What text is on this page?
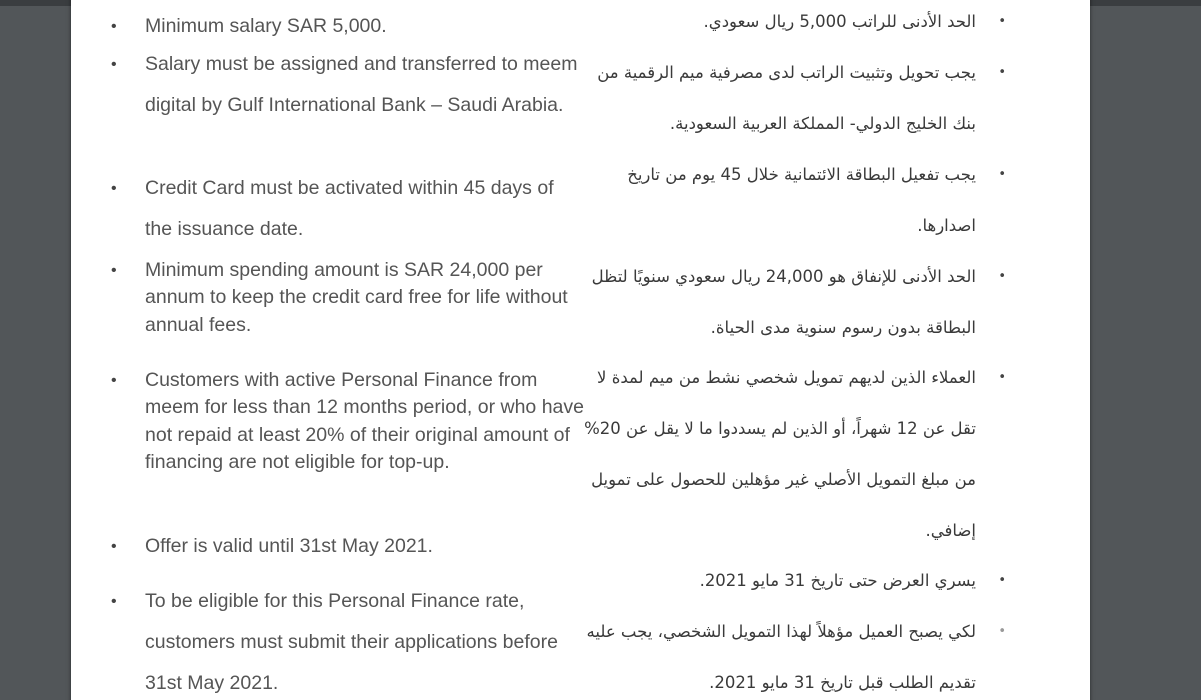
• Minimum salary SAR 5,000.
• Salary must be assigned and transferred to meem digital by Gulf International Bank – Saudi Arabia.
• Credit Card must be activated within 45 days of the issuance date.
• Minimum spending amount is SAR 24,000 per annum to keep the credit card free for life without annual fees.
• Customers with active Personal Finance from meem for less than 12 months period, or who have not repaid at least 20% of their original amount of financing are not eligible for top-up.
• Offer is valid until 31st May 2021.
• To be eligible for this Personal Finance rate, customers must submit their applications before 31st May 2021.
•
الحد الأدنى للراتب 5,000 ريال سعودي.
•
يجب تحويل وتثبيت الراتب لدى مصرفية ميم الرقمية من بنك الخليج الدولي- المملكة العربية السعودية.
•
يجب تفعيل البطاقة الائتمانية خلال 45 يوم من تاريخ اصدارها.
•
الحد الأدنى للإنفاق هو 24,000 ريال سعودي سنويًا لتظل البطاقة بدون رسوم سنوية مدى الحياة.
•
العملاء الذين لديهم تمويل شخصي نشط من ميم لمدة لا تقل عن 12 شهراً، أو الذين لم يسددوا ما لا يقل عن 20% من مبلغ التمويل الأصلي غير مؤهلين للحصول على تمويل إضافي.
•
يسري العرض حتى تاريخ 31 مايو 2021.
•
لكي يصبح العميل مؤهلاً لهذا التمويل الشخصي، يجب عليه تقديم الطلب قبل تاريخ 31 مايو 2021.
